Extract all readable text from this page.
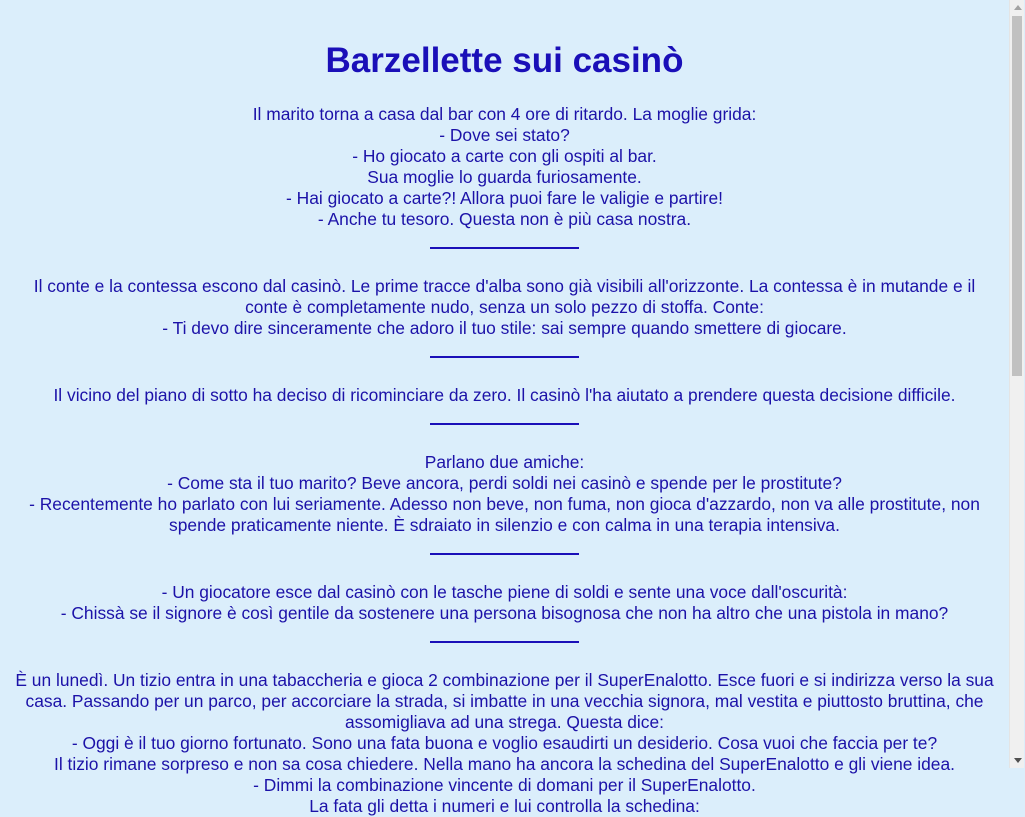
Barzellette sui casinò

Il marito torna a casa dal bar con 4 ore di ritardo. La moglie grida:

- Dove sei stato?

- Ho giocato a carte con gli ospiti al bar.

Sua moglie lo guarda furiosamente.

- Hai giocato a carte?! Allora puoi fare le valigie e partire!

- Anche tu tesoro. Questa non è più casa nostra.

Il conte e la contessa escono dal casinò. Le prime tracce d'alba sono già visibili all'orizzonte. La contessa è in mutande e il conte è completamente nudo, senza un solo pezzo di stoffa. Conte:

- Ti devo dire sinceramente che adoro il tuo stile: sai sempre quando smettere di giocare.

Il vicino del piano di sotto ha deciso di ricominciare da zero. Il casinò l'ha aiutato a prendere questa decisione difficile.

Parlano due amiche:

- Come sta il tuo marito? Beve ancora, perdi soldi nei casinò e spende per le prostitute?

- Recentemente ho parlato con lui seriamente. Adesso non beve, non fuma, non gioca d'azzardo, non va alle prostitute, non spende praticamente niente. È sdraiato in silenzio e con calma in una terapia intensiva.

- Un giocatore esce dal casinò con le tasche piene di soldi e sente una voce dall'oscurità:

- Chissà se il signore è così gentile da sostenere una persona bisognosa che non ha altro che una pistola in mano?

È un lunedì. Un tizio entra in una tabaccheria e gioca 2 combinazione per il SuperEnalotto. Esce fuori e si indirizza verso la sua casa. Passando per un parco, per accorciare la strada, si imbatte in una vecchia signora, mal vestita e piuttosto bruttina, che assomigliava ad una strega. Questa dice:

- Oggi è il tuo giorno fortunato. Sono una fata buona e voglio esaudirti un desiderio. Cosa vuoi che faccia per te?

Il tizio rimane sorpreso e non sa cosa chiedere. Nella mano ha ancora la schedina del SuperEnalotto e gli viene idea.

- Dimmi la combinazione vincente di domani per il SuperEnalotto.

La fata gli detta i numeri e lui controlla la schedina:
